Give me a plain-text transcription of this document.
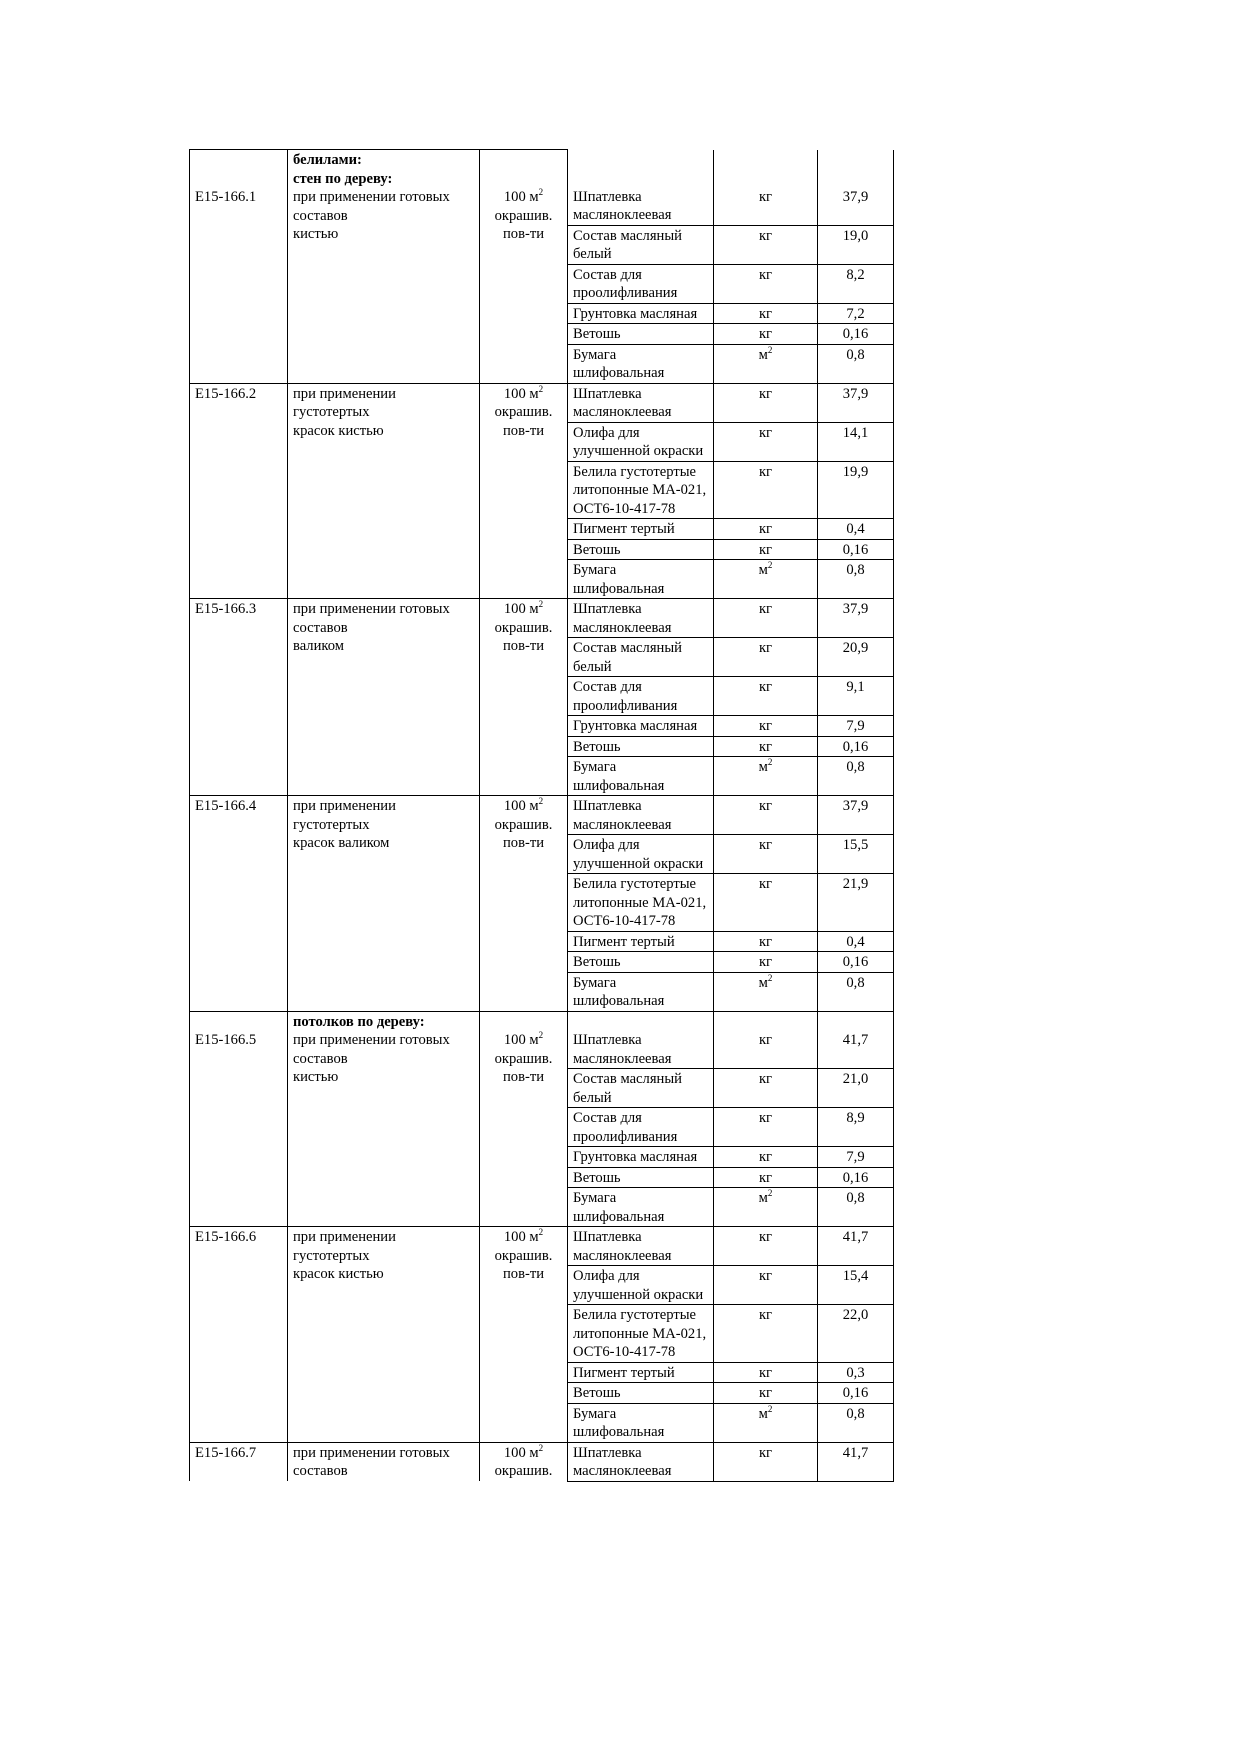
Е15-166.1	белилами:
стен по дереву:
при применении готовых
составов
кистью	100 $м^2$
окрашив.
пов-ти	Шпатлевка масляноклеевая	кг	37,9

			Состав масляный белый	кг	19,0

			Состав для проолифливания	кг	8,2

			Грунтовка масляная	кг	7,2

			Ветошь	кг	0,16

			Бумага шлифовальная	$м^2$	0,8

Е15-166.2	при применении
густотертых
красок кистью	100 $м^2$
окрашив.
пов-ти	Шпатлевка масляноклеевая	кг	37,9

			Олифа для улучшенной окраски	кг	14,1

			Белила густотертые литопонные МА-021, ОСТ6-10-417-78	кг	19,9

			Пигмент тертый	кг	0,4

			Ветошь	кг	0,16

			Бумага шлифовальная	$м^2$	0,8

Е15-166.3	при применении готовых
составов
валиком	100 $м^2$
окрашив.
пов-ти	Шпатлевка масляноклеевая	кг	37,9

			Состав масляный белый	кг	20,9

			Состав для проолифливания	кг	9,1

			Грунтовка масляная	кг	7,9

			Ветошь	кг	0,16

			Бумага шлифовальная	$м^2$	0,8

Е15-166.4	при применении
густотертых
красок валиком	100 $м^2$
окрашив.
пов-ти	Шпатлевка масляноклеевая	кг	37,9

			Олифа для улучшенной окраски	кг	15,5

			Белила густотертые литопонные МА-021, ОСТ6-10-417-78	кг	21,9

			Пигмент тертый	кг	0,4

			Ветошь	кг	0,16

			Бумага шлифовальная	$м^2$	0,8

Е15-166.5	потолков по дереву:
при применении готовых
составов
кистью	100 $м^2$
окрашив.
пов-ти	Шпатлевка масляноклеевая	кг	41,7

			Состав масляный белый	кг	21,0

			Состав для проолифливания	кг	8,9

			Грунтовка масляная	кг	7,9

			Ветошь	кг	0,16

			Бумага шлифовальная	$м^2$	0,8

Е15-166.6	при применении
густотертых
красок кистью	100 $м^2$
окрашив.
пов-ти	Шпатлевка масляноклеевая	кг	41,7

			Олифа для улучшенной окраски	кг	15,4

			Белила густотертые литопонные МА-021, ОСТ6-10-417-78	кг	22,0

			Пигмент тертый	кг	0,3

			Ветошь	кг	0,16

			Бумага шлифовальная	$м^2$	0,8

Е15-166.7	при применении готовых
составов	100 $м^2$
окрашив.	Шпатлевка масляноклеевая	кг	41,7
